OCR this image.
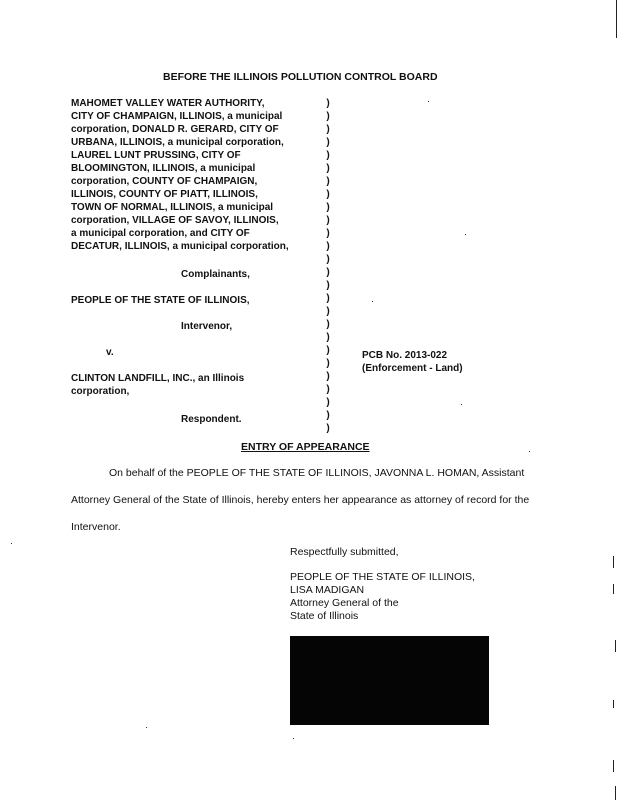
BEFORE THE ILLINOIS POLLUTION CONTROL BOARD
MAHOMET VALLEY WATER AUTHORITY,
CITY OF CHAMPAIGN, ILLINOIS, a municipal
corporation, DONALD R. GERARD, CITY OF
URBANA, ILLINOIS, a municipal corporation,
LAUREL LUNT PRUSSING, CITY OF
BLOOMINGTON, ILLINOIS, a municipal
corporation, COUNTY OF CHAMPAIGN,
ILLINOIS, COUNTY OF PIATT, ILLINOIS,
TOWN OF NORMAL, ILLINOIS, a municipal
corporation, VILLAGE OF SAVOY, ILLINOIS,
a municipal corporation, and CITY OF
DECATUR, ILLINOIS, a municipal corporation,
Complainants,
PEOPLE OF THE STATE OF ILLINOIS,
Intervenor,
v.
CLINTON LANDFILL, INC., an Illinois
corporation,
Respondent.
)
)
)
)
)
)
)
)
)
)
)
)
)
)
)
)
)
)
)
)
)
)
)
)
)
)
PCB No. 2013-022
(Enforcement - Land)
ENTRY OF APPEARANCE
On behalf of the PEOPLE OF THE STATE OF ILLINOIS, JAVONNA L. HOMAN, Assistant
Attorney General of the State of Illinois, hereby enters her appearance as attorney of record for the
Intervenor.
Respectfully submitted,
PEOPLE OF THE STATE OF ILLINOIS,
LISA MADIGAN
Attorney General of the
State of Illinois
